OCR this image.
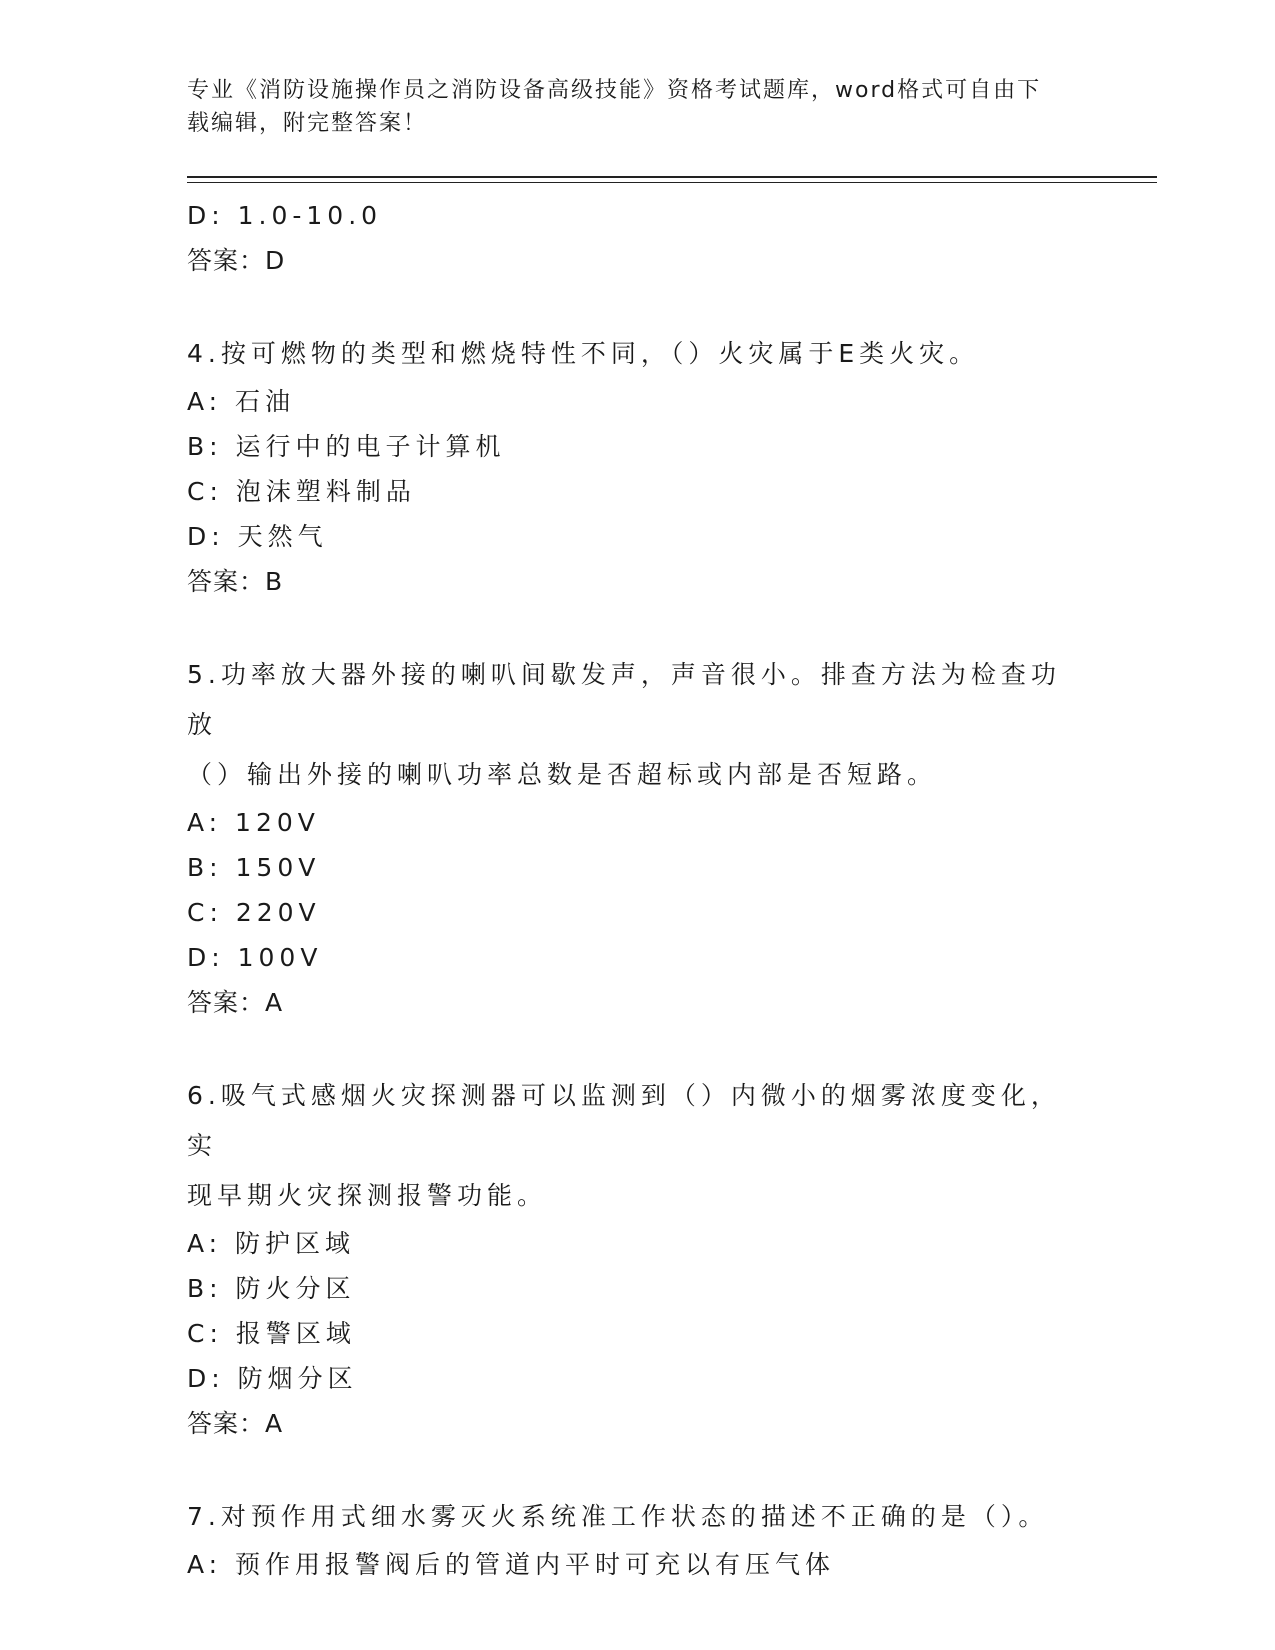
专业《消防设施操作员之消防设备高级技能》资格考试题库，word格式可自由下
载编辑，附完整答案！
D: 1.0-10.0
答案：D
4.按可燃物的类型和燃烧特性不同，（）火灾属于E类火灾。
A: 石油
B: 运行中的电子计算机
C: 泡沫塑料制品
D: 天然气
答案：B
5.功率放大器外接的喇叭间歇发声，声音很小。排查方法为检查功放
（）输出外接的喇叭功率总数是否超标或内部是否短路。
A: 120V
B: 150V
C: 220V
D: 100V
答案：A
6.吸气式感烟火灾探测器可以监测到（）内微小的烟雾浓度变化，实
现早期火灾探测报警功能。
A: 防护区域
B: 防火分区
C: 报警区域
D: 防烟分区
答案：A
7.对预作用式细水雾灭火系统准工作状态的描述不正确的是（）。
A: 预作用报警阀后的管道内平时可充以有压气体
